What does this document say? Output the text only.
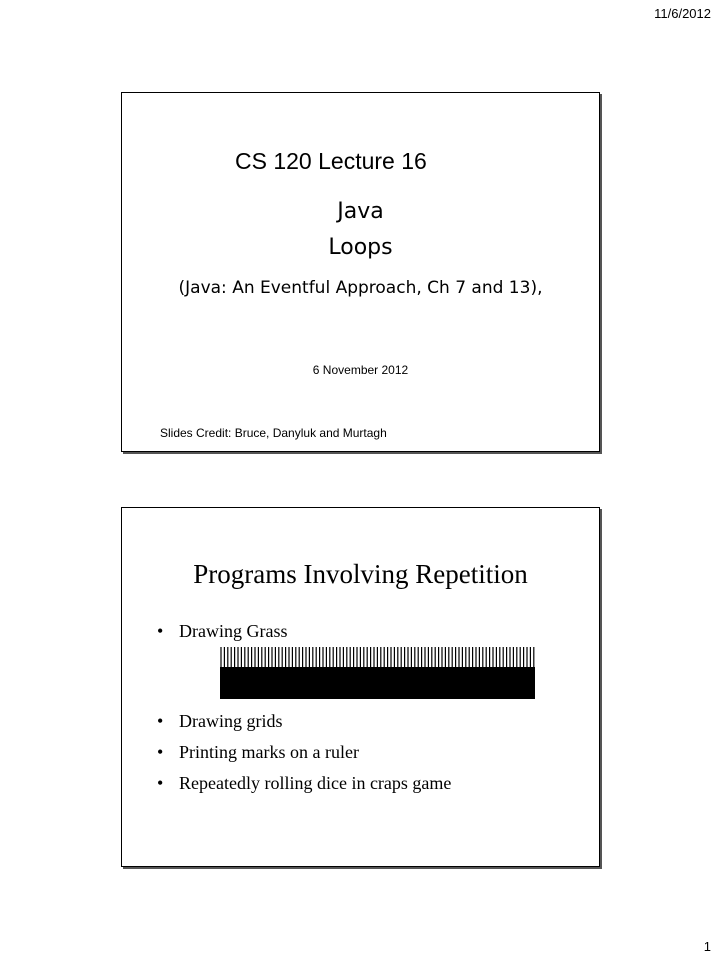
11/6/2012
CS 120 Lecture 16
Java
Loops
(Java: An Eventful Approach, Ch 7 and 13),
6 November 2012
Slides Credit: Bruce, Danyluk and Murtagh
Programs Involving Repetition
• Drawing Grass
• Drawing grids
• Printing marks on a ruler
• Repeatedly rolling dice in craps game
1
